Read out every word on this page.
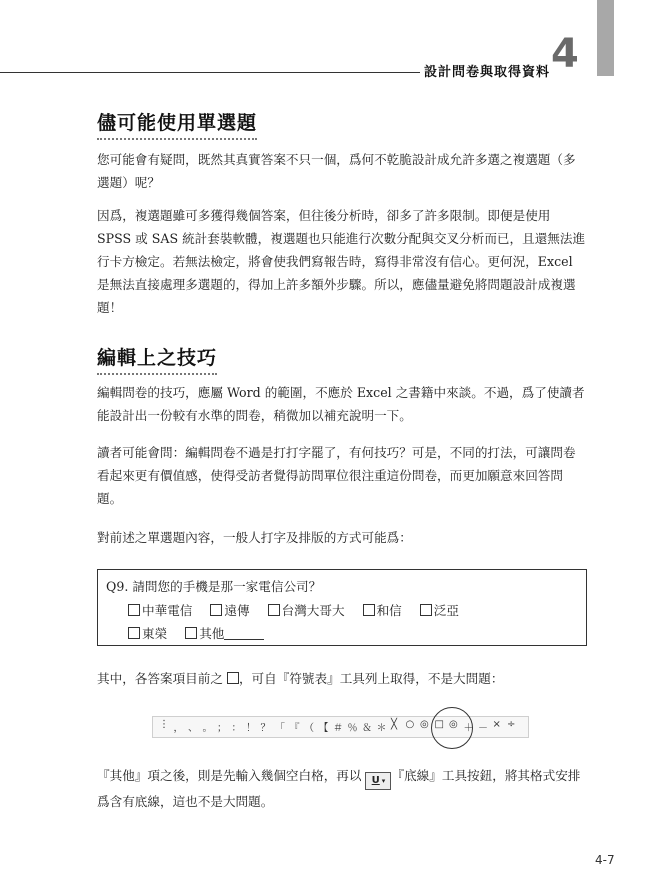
設計問卷與取得資料 4
儘可能使用單選題

您可能會有疑問，既然其真實答案不只一個，爲何不乾脆設計成允許多選之複選題（多選題）呢？

因爲，複選題雖可多獲得幾個答案，但往後分析時，卻多了許多限制。即便是使用 SPSS 或 SAS 統計套裝軟體，複選題也只能進行次數分配與交叉分析而已，且還無法進行卡方檢定。若無法檢定，將會使我們寫報告時，寫得非常沒有信心。更何況，Excel 是無法直接處理多選題的，得加上許多額外步驟。所以，應儘量避免將問題設計成複選題！

編輯上之技巧

編輯問卷的技巧，應屬 Word 的範圍，不應於 Excel 之書籍中來談。不過，爲了使讀者能設計出一份較有水準的問卷，稍微加以補充說明一下。

讀者可能會問：編輯問卷不過是打打字罷了，有何技巧？可是，不同的打法，可讓問卷看起來更有價值感，使得受訪者覺得訪問單位很注重這份問卷，而更加願意來回答問題。

對前述之單選題內容，一般人打字及排版的方式可能爲：

Q9. 請問您的手機是那一家電信公司？
中華電信	遠傳	台灣大哥大	和信	泛亞
東榮	其他

其中，各答案項目前之 ，可自『符號表』工具列上取得，不是大問題：

⋮ ， 、 。 ； ： ！ ？ 「 『 （ 【 ＃ ％ ＆ ＊ ╳ ○ ◎ □ ◎ ＋ － × ÷

『其他』項之後，則是先輸入幾個空白格，再以 U ▾ 『底線』工具按鈕，將其格式安排爲含有底線，這也不是大問題。

4-7
